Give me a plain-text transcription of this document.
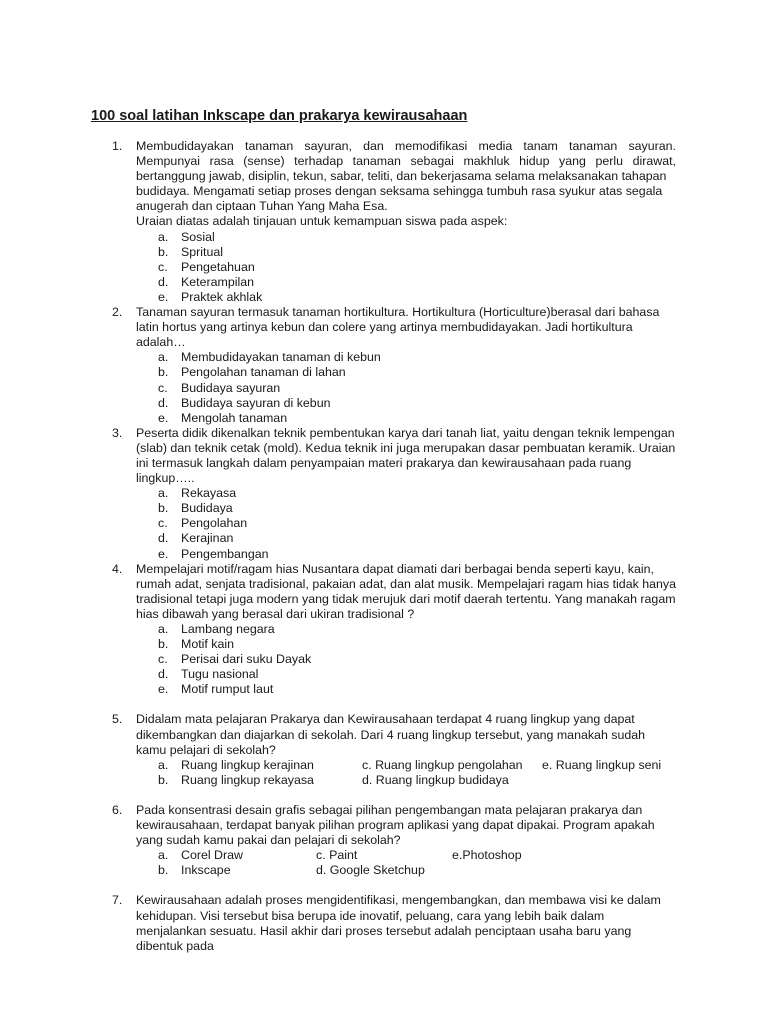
100 soal latihan Inkscape dan prakarya kewirausahaan
1. Membudidayakan tanaman sayuran, dan memodifikasi media tanam tanaman sayuran.

Mempunyai rasa (sense) terhadap tanaman sebagai makhluk hidup yang perlu dirawat,

bertanggung jawab, disiplin, tekun, sabar, teliti, dan bekerjasama selama melaksanakan tahapan budidaya. Mengamati setiap proses dengan seksama sehingga tumbuh rasa syukur atas segala anugerah dan ciptaan Tuhan Yang Maha Esa.

Uraian diatas adalah tinjauan untuk kemampuan siswa pada aspek:

a. Sosial
b. Spritual
c. Pengetahuan
d. Keterampilan
e. Praktek akhlak
2. Tanaman sayuran termasuk tanaman hortikultura. Hortikultura (Horticulture)berasal dari bahasa latin hortus yang artinya kebun dan colere yang artinya membudidayakan. Jadi hortikultura adalah…

a. Membudidayakan tanaman di kebun
b. Pengolahan tanaman di lahan
c. Budidaya sayuran
d. Budidaya sayuran di kebun
e. Mengolah tanaman
3. Peserta didik dikenalkan teknik pembentukan karya dari tanah liat, yaitu dengan teknik lempengan (slab) dan teknik cetak (mold). Kedua teknik ini juga merupakan dasar pembuatan keramik. Uraian ini termasuk langkah dalam penyampaian materi prakarya dan kewirausahaan pada ruang lingkup…..

a. Rekayasa
b. Budidaya
c. Pengolahan
d. Kerajinan
e. Pengembangan
4. Mempelajari motif/ragam hias Nusantara dapat diamati dari berbagai benda seperti kayu, kain, rumah adat, senjata tradisional, pakaian adat, dan alat musik. Mempelajari ragam hias tidak hanya tradisional tetapi juga modern yang tidak merujuk dari motif daerah tertentu. Yang manakah ragam hias dibawah yang berasal dari ukiran tradisional ?

a. Lambang negara
b. Motif kain
c. Perisai dari suku Dayak
d. Tugu nasional
e. Motif rumput laut
5. Didalam mata pelajaran Prakarya dan Kewirausahaan terdapat 4 ruang lingkup yang dapat dikembangkan dan diajarkan di sekolah. Dari 4 ruang lingkup tersebut, yang manakah sudah kamu pelajari di sekolah?

a. Ruang lingkup kerajinan	c. Ruang lingkup pengolahan e. Ruang lingkup seni
b. Ruang lingkup rekayasa	d. Ruang lingkup budidaya
6. Pada konsentrasi desain grafis sebagai pilihan pengembangan mata pelajaran prakarya dan kewirausahaan, terdapat banyak pilihan program aplikasi yang dapat dipakai. Program apakah yang sudah kamu pakai dan pelajari di sekolah?

a. Corel Draw	c. Paint	e.Photoshop
b. Inkscape	d. Google Sketchup
7. Kewirausahaan adalah proses mengidentifikasi, mengembangkan, dan membawa visi ke dalam kehidupan. Visi tersebut bisa berupa ide inovatif, peluang, cara yang lebih baik dalam menjalankan sesuatu. Hasil akhir dari proses tersebut adalah penciptaan usaha baru yang dibentuk pada
